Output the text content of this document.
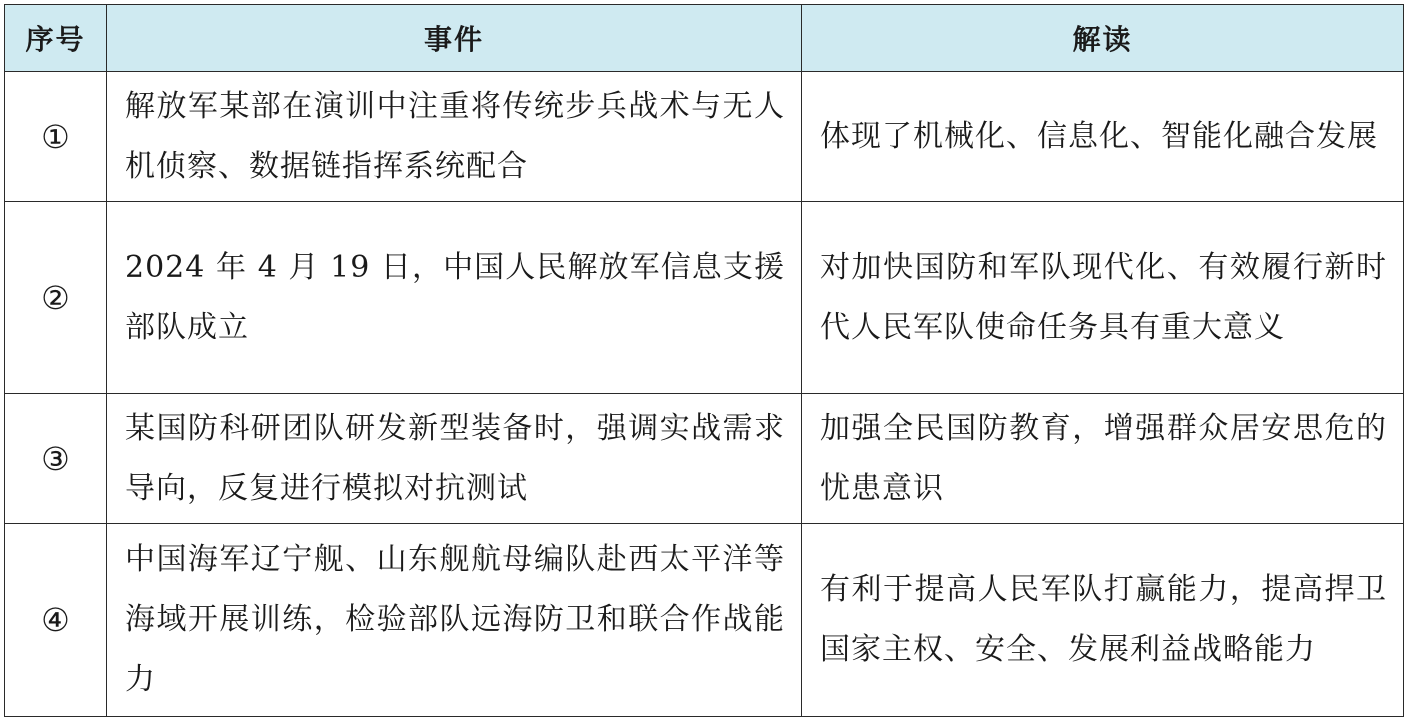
序号	事件	解读
①	解放军某部在演训中注重将传统步兵战术与无人机侦察、数据链指挥系统配合	体现了机械化、信息化、智能化融合发展
②	2024 年 4 月 19 日，中国人民解放军信息支援部队成立	对加快国防和军队现代化、有效履行新时代人民军队使命任务具有重大意义
③	某国防科研团队研发新型装备时，强调实战需求导向，反复进行模拟对抗测试	加强全民国防教育，增强群众居安思危的忧患意识
④	中国海军辽宁舰、山东舰航母编队赴西太平洋等海域开展训练，检验部队远海防卫和联合作战能力	有利于提高人民军队打赢能力，提高捍卫国家主权、安全、发展利益战略能力
